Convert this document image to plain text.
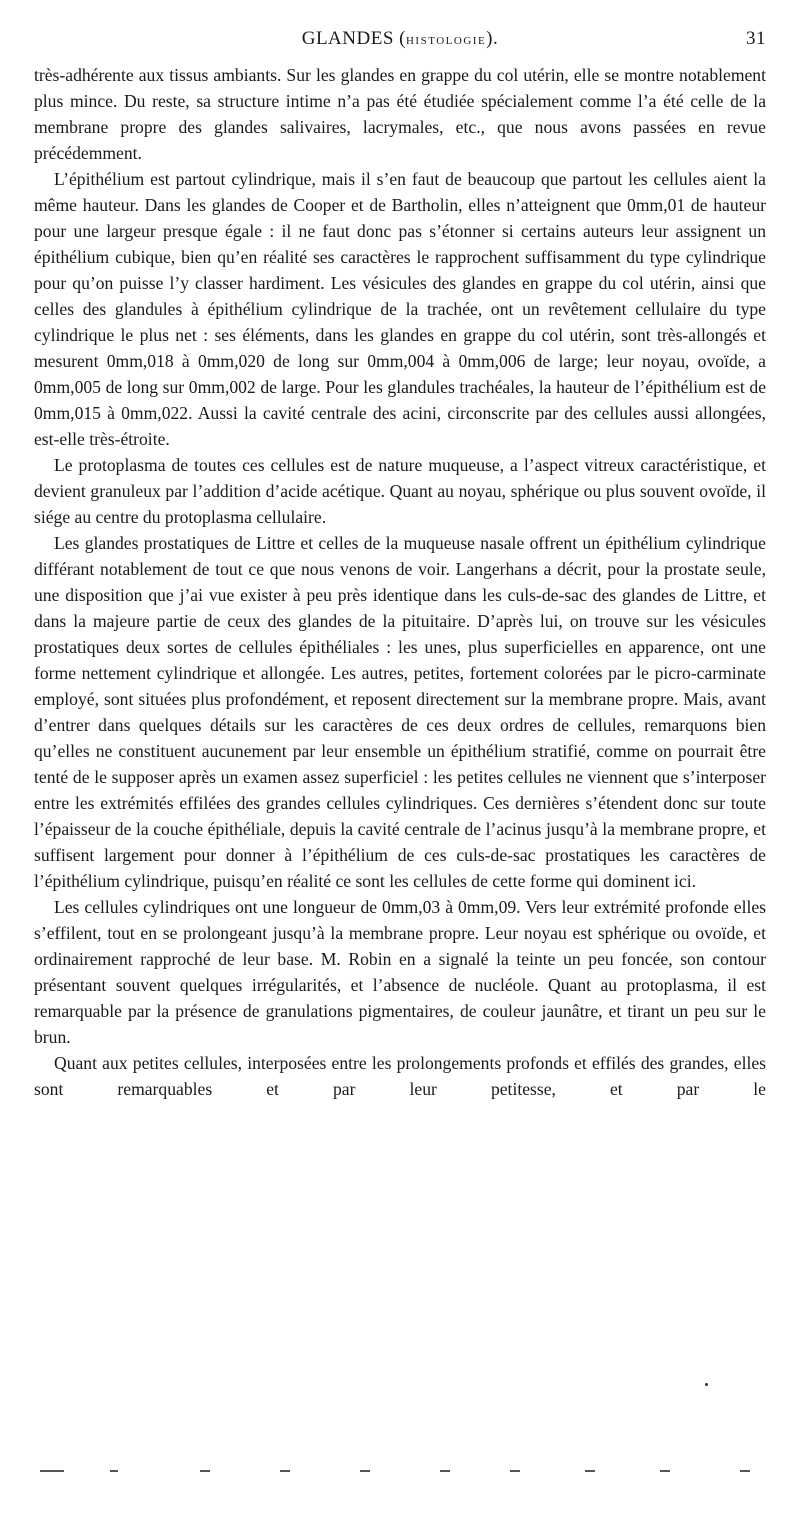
GLANDES (histologie).	31

très-adhérente aux tissus ambiants. Sur les glandes en grappe du col utérin, elle se montre notablement plus mince. Du reste, sa structure intime n’a pas été étudiée spécialement comme l’a été celle de la membrane propre des glandes salivaires, lacrymales, etc., que nous avons passées en revue précédemment.

L’épithélium est partout cylindrique, mais il s’en faut de beaucoup que partout les cellules aient la même hauteur. Dans les glandes de Cooper et de Bartholin, elles n’atteignent que 0mm,01 de hauteur pour une largeur presque égale : il ne faut donc pas s’étonner si certains auteurs leur assignent un épithélium cubique, bien qu’en réalité ses caractères le rapprochent suffisamment du type cylindrique pour qu’on puisse l’y classer hardiment. Les vésicules des glandes en grappe du col utérin, ainsi que celles des glandules à épithélium cylindrique de la trachée, ont un revêtement cellulaire du type cylindrique le plus net : ses éléments, dans les glandes en grappe du col utérin, sont très-allongés et mesurent 0mm,018 à 0mm,020 de long sur 0mm,004 à 0mm,006 de large; leur noyau, ovoïde, a 0mm,005 de long sur 0mm,002 de large. Pour les glandules trachéales, la hauteur de l’épithélium est de 0mm,015 à 0mm,022. Aussi la cavité centrale des acini, circonscrite par des cellules aussi allongées, est-elle très-étroite.

Le protoplasma de toutes ces cellules est de nature muqueuse, a l’aspect vitreux caractéristique, et devient granuleux par l’addition d’acide acétique. Quant au noyau, sphérique ou plus souvent ovoïde, il siége au centre du protoplasma cellulaire.

Les glandes prostatiques de Littre et celles de la muqueuse nasale offrent un épithélium cylindrique différant notablement de tout ce que nous venons de voir. Langerhans a décrit, pour la prostate seule, une disposition que j’ai vue exister à peu près identique dans les culs-de-sac des glandes de Littre, et dans la majeure partie de ceux des glandes de la pituitaire. D’après lui, on trouve sur les vésicules prostatiques deux sortes de cellules épithéliales : les unes, plus superficielles en apparence, ont une forme nettement cylindrique et allongée. Les autres, petites, fortement colorées par le picro-carminate employé, sont situées plus profondément, et reposent directement sur la membrane propre. Mais, avant d’entrer dans quelques détails sur les caractères de ces deux ordres de cellules, remarquons bien qu’elles ne constituent aucunement par leur ensemble un épithélium stratifié, comme on pourrait être tenté de le supposer après un examen assez superficiel : les petites cellules ne viennent que s’interposer entre les extrémités effilées des grandes cellules cylindriques. Ces dernières s’étendent donc sur toute l’épaisseur de la couche épithéliale, depuis la cavité centrale de l’acinus jusqu’à la membrane propre, et suffisent largement pour donner à l’épithélium de ces culs-de-sac prostatiques les caractères de l’épithélium cylindrique, puisqu’en réalité ce sont les cellules de cette forme qui dominent ici.

Les cellules cylindriques ont une longueur de 0mm,03 à 0mm,09. Vers leur extrémité profonde elles s’effilent, tout en se prolongeant jusqu’à la membrane propre. Leur noyau est sphérique ou ovoïde, et ordinairement rapproché de leur base. M. Robin en a signalé la teinte un peu foncée, son contour présentant souvent quelques irrégularités, et l’absence de nucléole. Quant au protoplasma, il est remarquable par la présence de granulations pigmentaires, de couleur jaunâtre, et tirant un peu sur le brun.

Quant aux petites cellules, interposées entre les prolongements profonds et effilés des grandes, elles sont remarquables et par leur petitesse, et par le
